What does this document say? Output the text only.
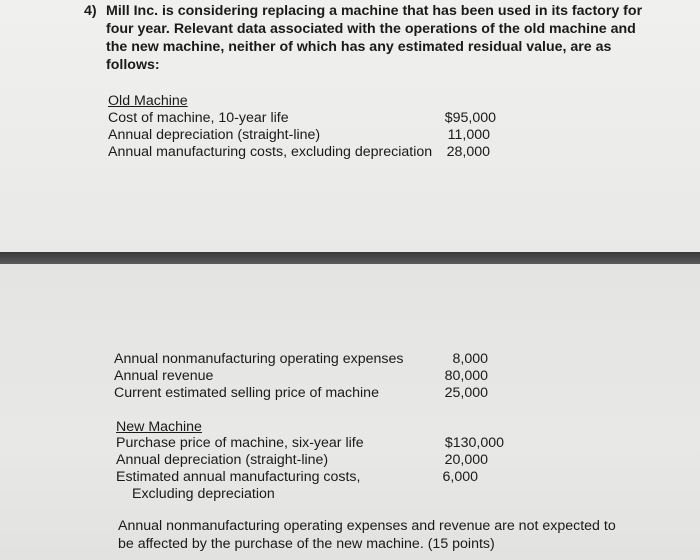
4) Mill Inc. is considering replacing a machine that has been used in its factory for
four year. Relevant data associated with the operations of the old machine and
the new machine, neither of which has any estimated residual value, are as
follows:
Old Machine
Cost of machine, 10-year life	$95,000
Annual depreciation (straight-line)	11,000
Annual manufacturing costs, excluding depreciation	28,000
Annual nonmanufacturing operating expenses	8,000
Annual revenue	80,000
Current estimated selling price of machine	25,000
New Machine
Purchase price of machine, six-year life	$130,000
Annual depreciation (straight-line)	20,000
Estimated annual manufacturing costs,	6,000
Excluding depreciation
Annual nonmanufacturing operating expenses and revenue are not expected to
be affected by the purchase of the new machine. (15 points)
